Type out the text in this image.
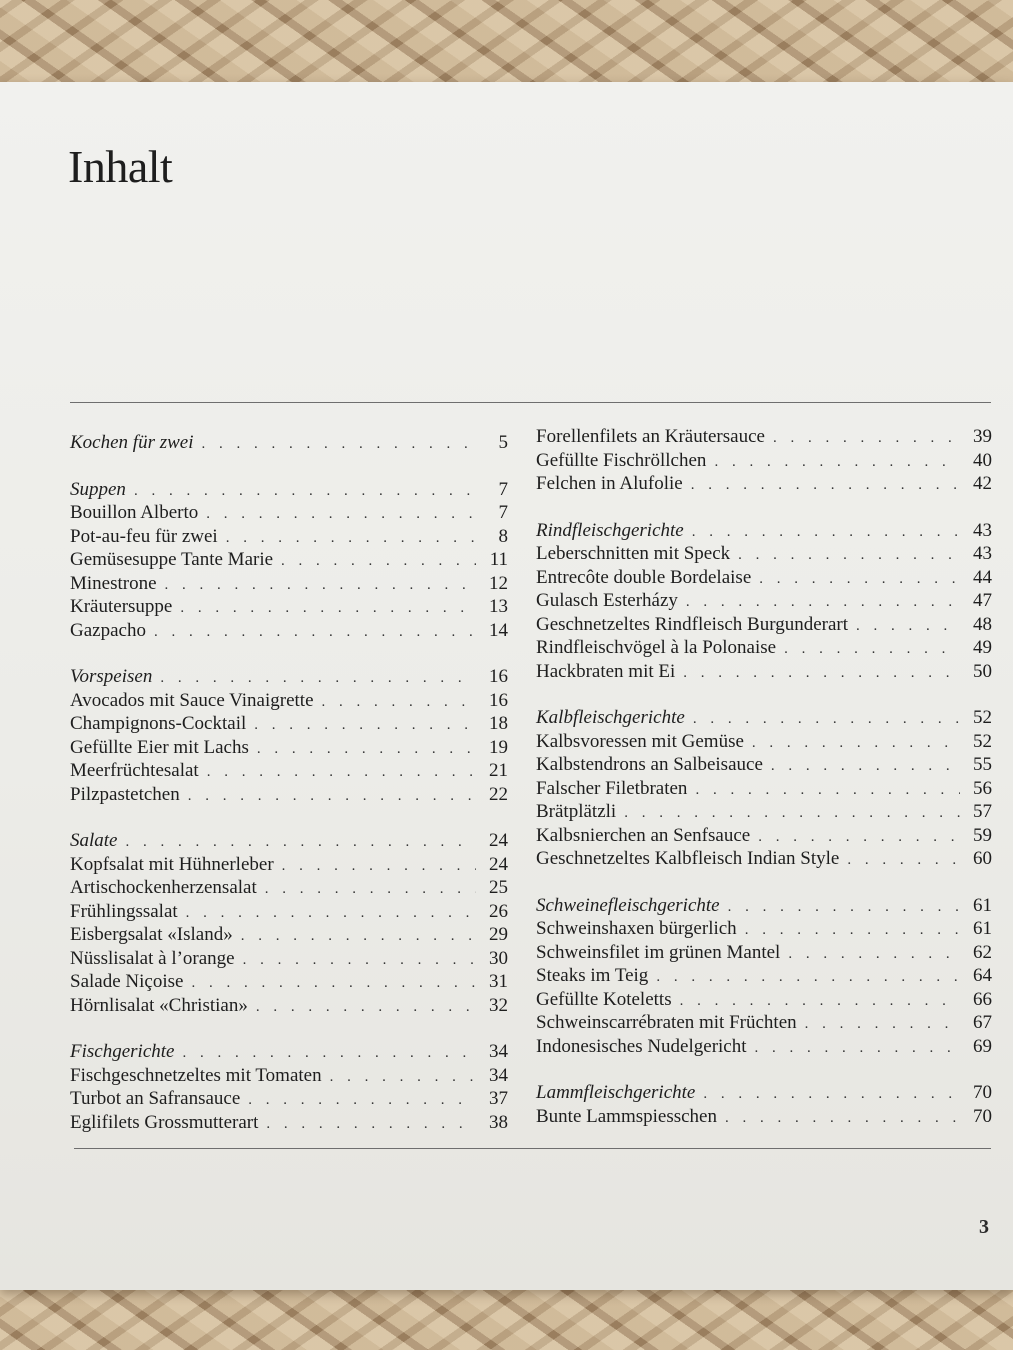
Inhalt
Kochen für zwei . . .	5
Suppen . . .	7
Bouillon Alberto . . .	7
Pot-au-feu für zwei . . .	8
Gemüsesuppe Tante Marie . . .	11
Minestrone . . .	12
Kräutersuppe . . .	13
Gazpacho . . .	14
Vorspeisen . . .	16
Avocados mit Sauce Vinaigrette . . .	16
Champignons-Cocktail . . .	18
Gefüllte Eier mit Lachs . . .	19
Meerfrüchtesalat . . .	21
Pilzpastetchen . . .	22
Salate . . .	24
Kopfsalat mit Hühnerleber . . .	24
Artischockenherzensalat . . .	25
Frühlingssalat . . .	26
Eisbergsalat «Island» . . .	29
Nüsslisalat à l’orange . . .	30
Salade Niçoise . . .	31
Hörnlisalat «Christian» . . .	32
Fischgerichte . . .	34
Fischgeschnetzeltes mit Tomaten . . .	34
Turbot an Safransauce . . .	37
Eglifilets Grossmutterart . . .	38
Forellenfilets an Kräutersauce . . .	39
Gefüllte Fischröllchen . . .	40
Felchen in Alufolie . . .	42
Rindfleischgerichte . . .	43
Leberschnitten mit Speck . . .	43
Entrecôte double Bordelaise . . .	44
Gulasch Esterházy . . .	47
Geschnetzeltes Rindfleisch Burgunderart . . .	48
Rindfleischvögel à la Polonaise . . .	49
Hackbraten mit Ei . . .	50
Kalbfleischgerichte . . .	52
Kalbsvoressen mit Gemüse . . .	52
Kalbstendrons an Salbeisauce . . .	55
Falscher Filetbraten . . .	56
Brätplätzli . . .	57
Kalbsnierchen an Senfsauce . . .	59
Geschnetzeltes Kalbfleisch Indian Style . . .	60
Schweinefleischgerichte . . .	61
Schweinshaxen bürgerlich . . .	61
Schweinsfilet im grünen Mantel . . .	62
Steaks im Teig . . .	64
Gefüllte Koteletts . . .	66
Schweinscarrébraten mit Früchten . . .	67
Indonesisches Nudelgericht . . .	69
Lammfleischgerichte . . .	70
Bunte Lammspiesschen . . .	70
3
